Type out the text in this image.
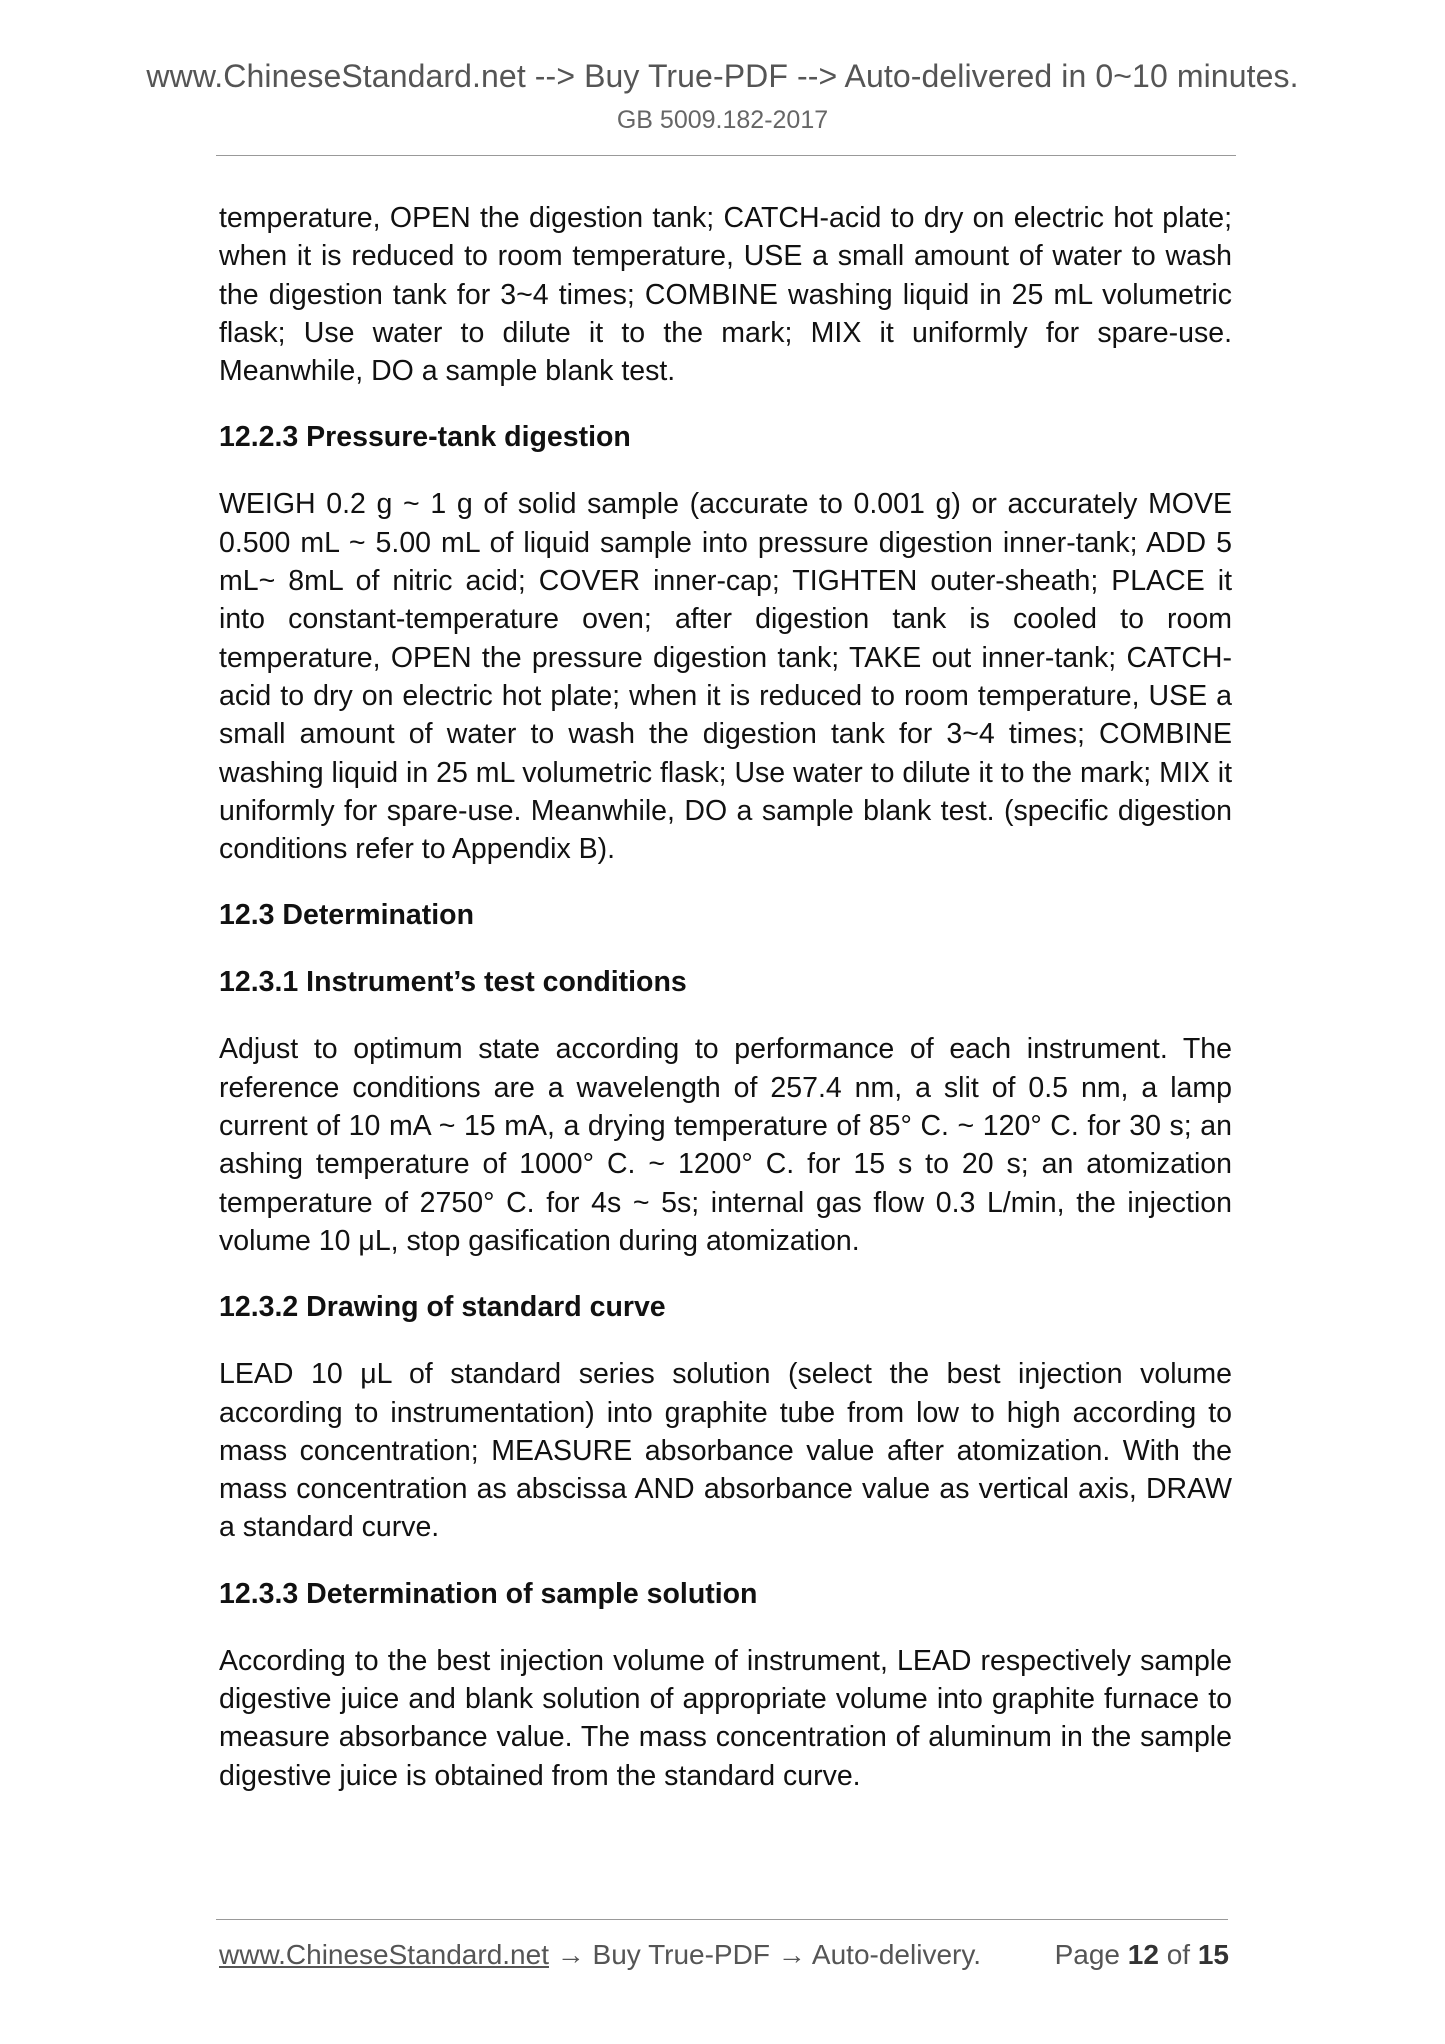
www.ChineseStandard.net --> Buy True-PDF --> Auto-delivered in 0~10 minutes.
GB 5009.182-2017

temperature, OPEN the digestion tank; CATCH-acid to dry on electric hot plate; when it is reduced to room temperature, USE a small amount of water to wash the digestion tank for 3~4 times; COMBINE washing liquid in 25 mL volumetric flask; Use water to dilute it to the mark; MIX it uniformly for spare-use. Meanwhile, DO a sample blank test.

12.2.3 Pressure-tank digestion

WEIGH 0.2 g ~ 1 g of solid sample (accurate to 0.001 g) or accurately MOVE 0.500 mL ~ 5.00 mL of liquid sample into pressure digestion inner-tank; ADD 5 mL~ 8mL of nitric acid; COVER inner-cap; TIGHTEN outer-sheath; PLACE it into constant-temperature oven; after digestion tank is cooled to room temperature, OPEN the pressure digestion tank; TAKE out inner-tank; CATCH-acid to dry on electric hot plate; when it is reduced to room temperature, USE a small amount of water to wash the digestion tank for 3~4 times; COMBINE washing liquid in 25 mL volumetric flask; Use water to dilute it to the mark; MIX it uniformly for spare-use. Meanwhile, DO a sample blank test. (specific digestion conditions refer to Appendix B).

12.3 Determination
12.3.1 Instrument’s test conditions

Adjust to optimum state according to performance of each instrument. The reference conditions are a wavelength of 257.4 nm, a slit of 0.5 nm, a lamp current of 10 mA ~ 15 mA, a drying temperature of 85° C. ~ 120° C. for 30 s; an ashing temperature of 1000° C. ~ 1200° C. for 15 s to 20 s; an atomization temperature of 2750° C. for 4s ~ 5s; internal gas flow 0.3 L/min, the injection volume 10 μL, stop gasification during atomization.

12.3.2 Drawing of standard curve

LEAD 10 μL of standard series solution (select the best injection volume according to instrumentation) into graphite tube from low to high according to mass concentration; MEASURE absorbance value after atomization. With the mass concentration as abscissa AND absorbance value as vertical axis, DRAW a standard curve.

12.3.3 Determination of sample solution

According to the best injection volume of instrument, LEAD respectively sample digestive juice and blank solution of appropriate volume into graphite furnace to measure absorbance value. The mass concentration of aluminum in the sample digestive juice is obtained from the standard curve.

www.ChineseStandard.net → Buy True-PDF → Auto-delivery.	Page 12 of 15
